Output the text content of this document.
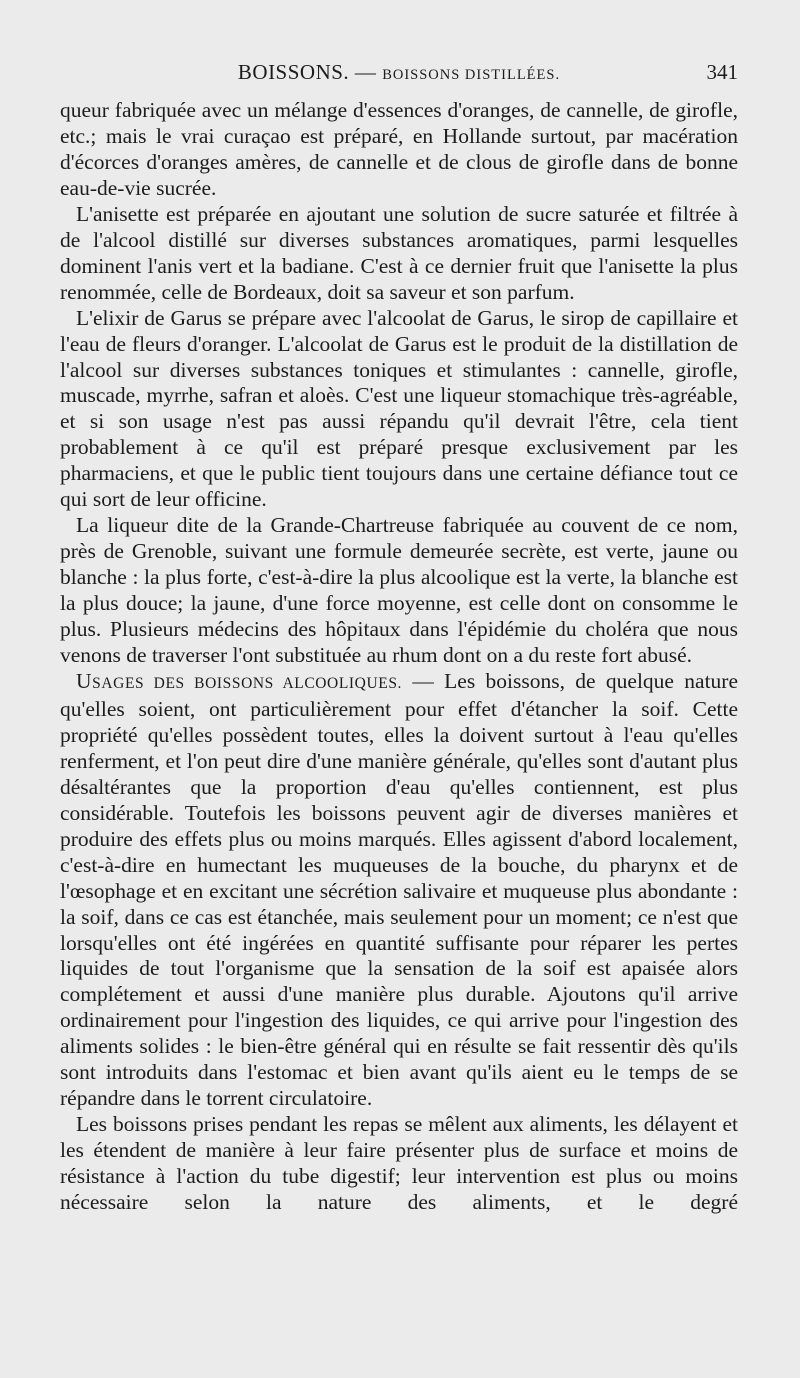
BOISSONS. — BOISSONS DISTILLÉES.	341

queur fabriquée avec un mélange d'essences d'oranges, de cannelle, de girofle, etc.; mais le vrai curaçao est préparé, en Hollande surtout, par macération d'écorces d'oranges amères, de cannelle et de clous de girofle dans de bonne eau-de-vie sucrée.

L'anisette est préparée en ajoutant une solution de sucre saturée et filtrée à de l'alcool distillé sur diverses substances aromatiques, parmi lesquelles dominent l'anis vert et la badiane. C'est à ce dernier fruit que l'anisette la plus renommée, celle de Bordeaux, doit sa saveur et son parfum.

L'elixir de Garus se prépare avec l'alcoolat de Garus, le sirop de capillaire et l'eau de fleurs d'oranger. L'alcoolat de Garus est le produit de la distillation de l'alcool sur diverses substances toniques et stimulantes : cannelle, girofle, muscade, myrrhe, safran et aloès. C'est une liqueur stomachique très-agréable, et si son usage n'est pas aussi répandu qu'il devrait l'être, cela tient probablement à ce qu'il est préparé presque exclusivement par les pharmaciens, et que le public tient toujours dans une certaine défiance tout ce qui sort de leur officine.

La liqueur dite de la Grande-Chartreuse fabriquée au couvent de ce nom, près de Grenoble, suivant une formule demeurée secrète, est verte, jaune ou blanche : la plus forte, c'est-à-dire la plus alcoolique est la verte, la blanche est la plus douce; la jaune, d'une force moyenne, est celle dont on consomme le plus. Plusieurs médecins des hôpitaux dans l'épidémie du choléra que nous venons de traverser l'ont substituée au rhum dont on a du reste fort abusé.

USAGES DES BOISSONS ALCOOLIQUES. — Les boissons, de quelque nature qu'elles soient, ont particulièrement pour effet d'étancher la soif. Cette propriété qu'elles possèdent toutes, elles la doivent surtout à l'eau qu'elles renferment, et l'on peut dire d'une manière générale, qu'elles sont d'autant plus désaltérantes que la proportion d'eau qu'elles contiennent, est plus considérable. Toutefois les boissons peuvent agir de diverses manières et produire des effets plus ou moins marqués. Elles agissent d'abord localement, c'est-à-dire en humectant les muqueuses de la bouche, du pharynx et de l'œsophage et en excitant une sécrétion salivaire et muqueuse plus abondante : la soif, dans ce cas est étanchée, mais seulement pour un moment; ce n'est que lorsqu'elles ont été ingérées en quantité suffisante pour réparer les pertes liquides de tout l'organisme que la sensation de la soif est apaisée alors complétement et aussi d'une manière plus durable. Ajoutons qu'il arrive ordinairement pour l'ingestion des liquides, ce qui arrive pour l'ingestion des aliments solides : le bien-être général qui en résulte se fait ressentir dès qu'ils sont introduits dans l'estomac et bien avant qu'ils aient eu le temps de se répandre dans le torrent circulatoire.

Les boissons prises pendant les repas se mêlent aux aliments, les délayent et les étendent de manière à leur faire présenter plus de surface et moins de résistance à l'action du tube digestif; leur intervention est plus ou moins nécessaire selon la nature des aliments, et le degré
